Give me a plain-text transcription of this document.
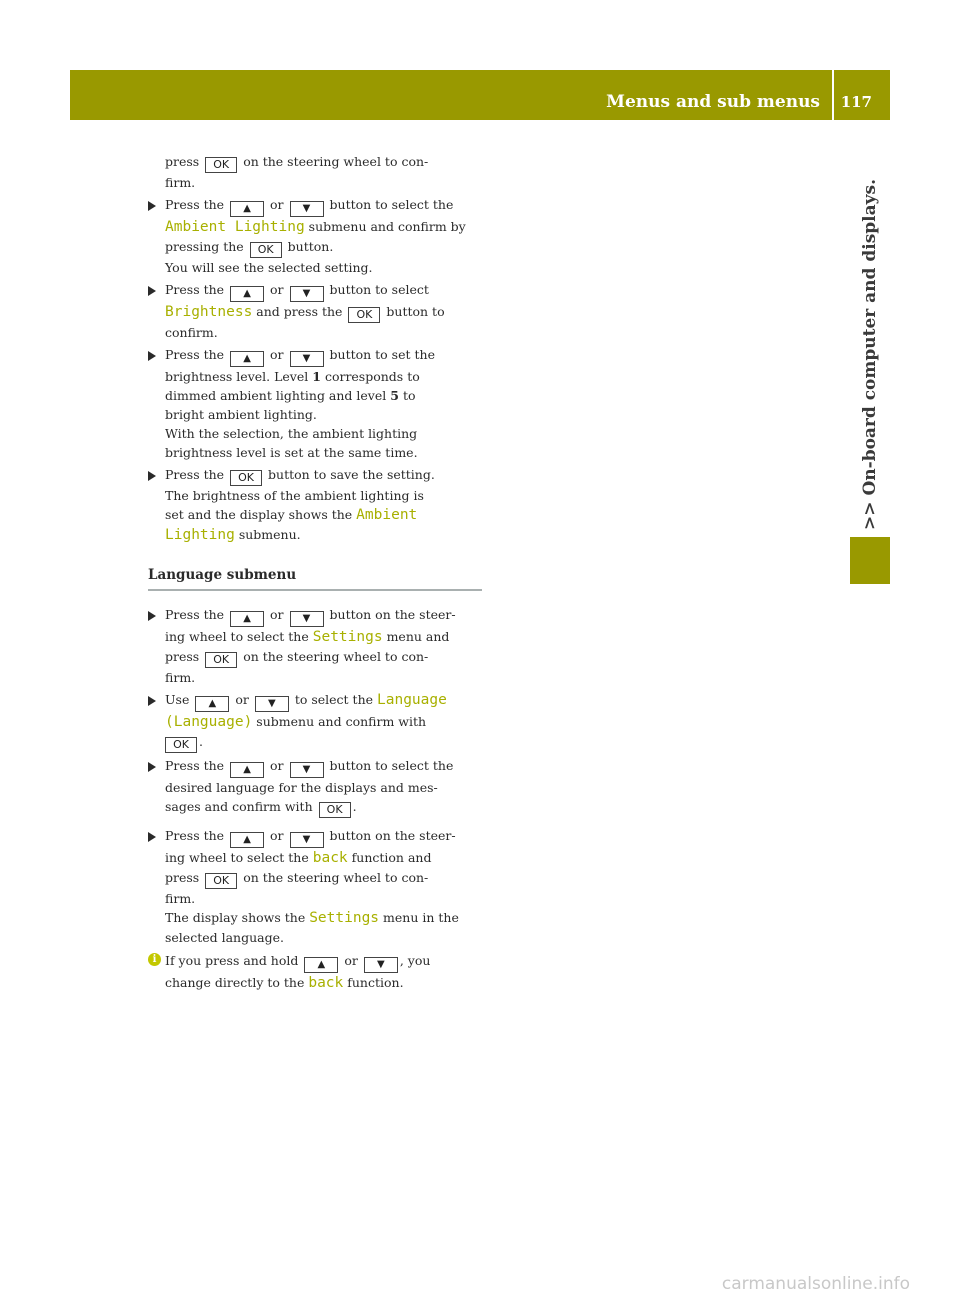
Menus and sub menus 117
>> On-board computer and displays.
press OK on the steering wheel to con-
firm.
Press the ▲ or ▼ button to select the
Ambient Lighting submenu and confirm by
pressing the OK button.
You will see the selected setting.
Press the ▲ or ▼ button to select
Brightness and press the OK button to
confirm.
Press the ▲ or ▼ button to set the
brightness level. Level 1 corresponds to
dimmed ambient lighting and level 5 to
bright ambient lighting.
With the selection, the ambient lighting
brightness level is set at the same time.
Press the OK button to save the setting.
The brightness of the ambient lighting is
set and the display shows the Ambient
Lighting submenu.
Language submenu
Press the ▲ or ▼ button on the steer-
ing wheel to select the Settings menu and
press OK on the steering wheel to con-
firm.
Use ▲ or ▼ to select the Language
(Language) submenu and confirm with
OK .
Press the ▲ or ▼ button to select the
desired language for the displays and mes-
sages and confirm with OK .
Press the ▲ or ▼ button on the steer-
ing wheel to select the back function and
press OK on the steering wheel to con-
firm.
The display shows the Settings menu in the
selected language.
i If you press and hold ▲ or ▼ , you
change directly to the back function.
carmanualsonline.info
